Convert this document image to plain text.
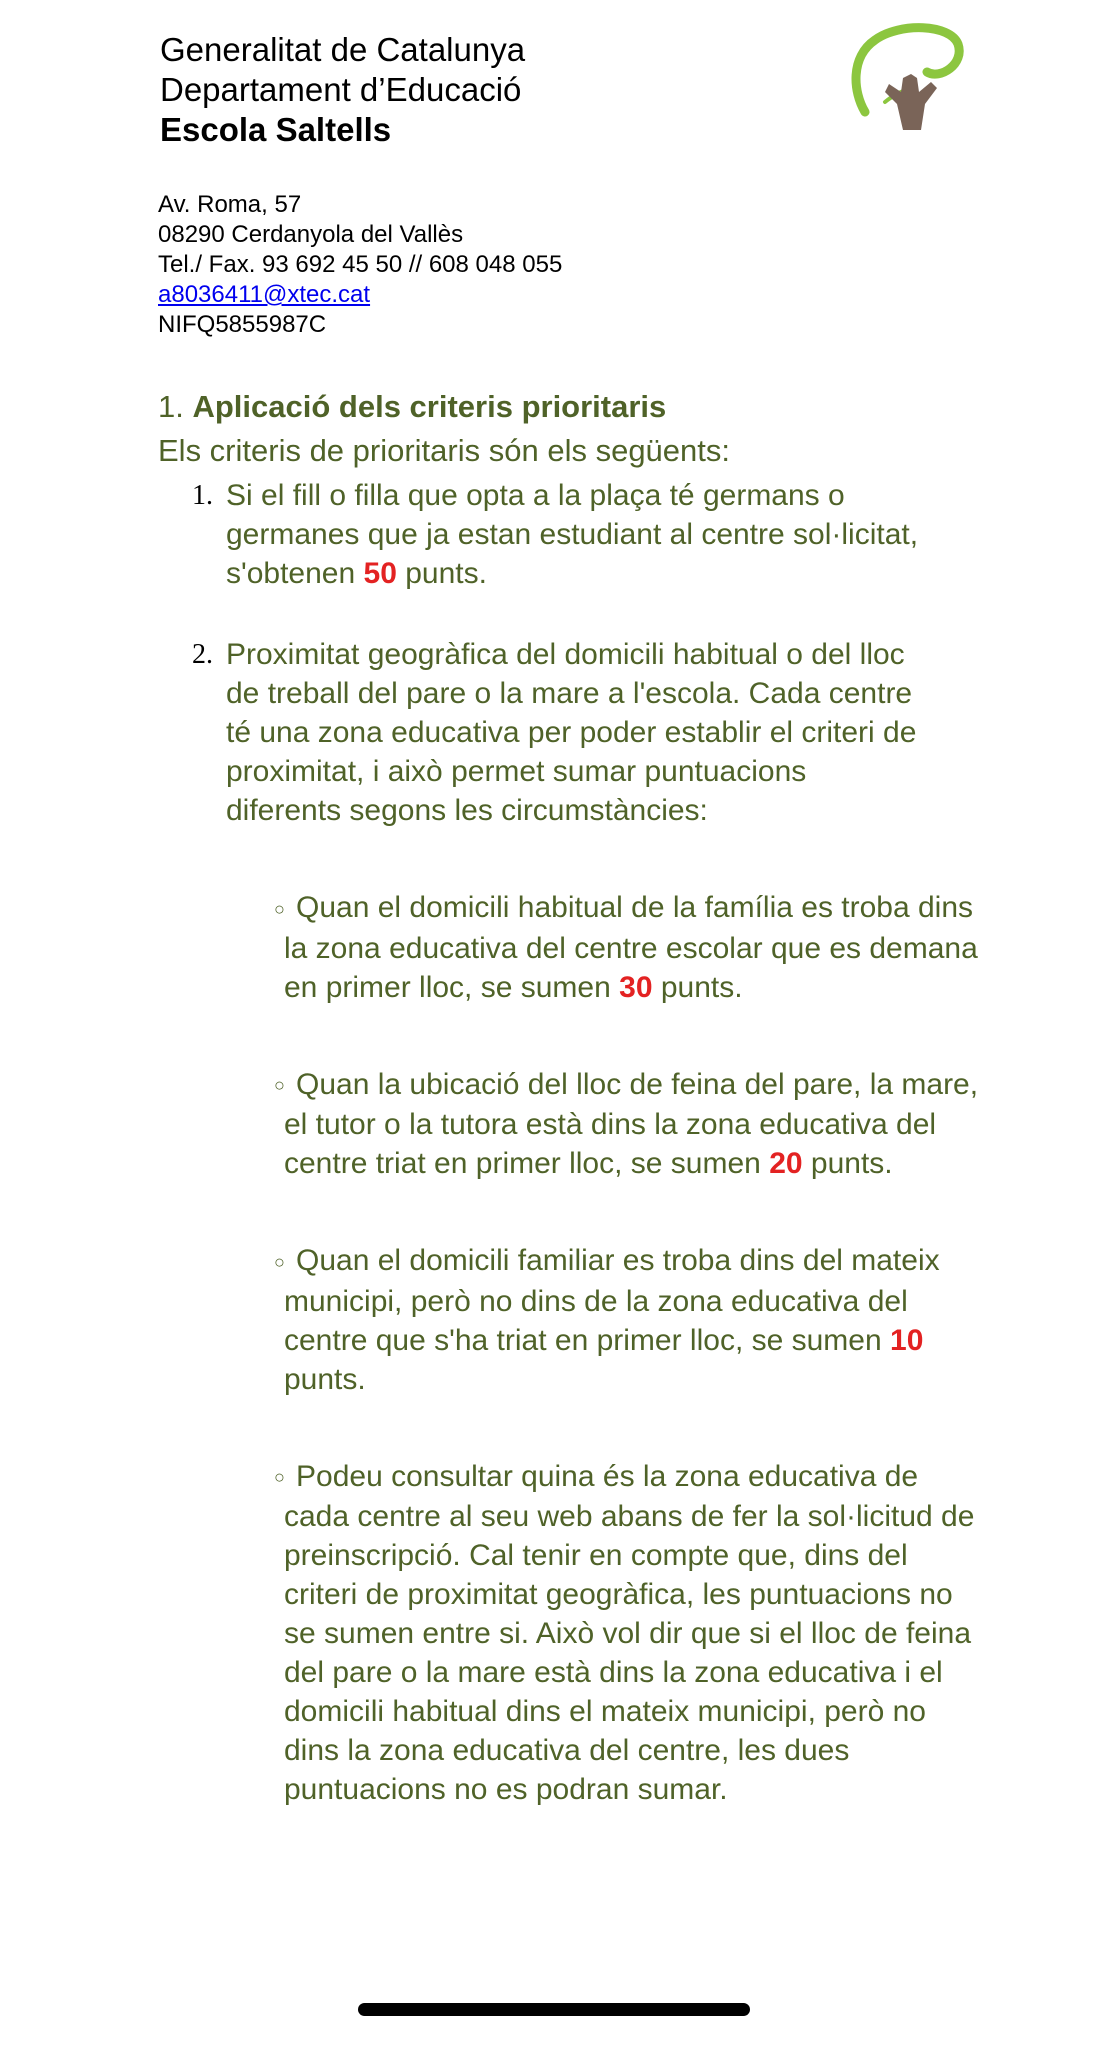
Generalitat de Catalunya
Departament d’Educació
Escola Saltells
Av. Roma, 57
08290 Cerdanyola del Vallès
Tel./ Fax. 93 692 45 50 // 608 048 055
a8036411@xtec.cat
NIFQ5855987C

1. Aplicació dels criteris prioritaris

Els criteris de prioritaris són els següents:

1. Si el fill o filla que opta a la plaça té germans o germanes que ja estan estudiant al centre sol·licitat, s'obtenen 50 punts.
2. Proximitat geogràfica del domicili habitual o del lloc de treball del pare o la mare a l'escola. Cada centre té una zona educativa per poder establir el criteri de proximitat, i això permet sumar puntuacions diferents segons les circumstàncies:
○ Quan el domicili habitual de la família es troba dins la zona educativa del centre escolar que es demana en primer lloc, se sumen 30 punts.
○ Quan la ubicació del lloc de feina del pare, la mare, el tutor o la tutora està dins la zona educativa del centre triat en primer lloc, se sumen 20 punts.
○ Quan el domicili familiar es troba dins del mateix municipi, però no dins de la zona educativa del centre que s'ha triat en primer lloc, se sumen 10 punts.
○ Podeu consultar quina és la zona educativa de cada centre al seu web abans de fer la sol·licitud de preinscripció. Cal tenir en compte que, dins del criteri de proximitat geogràfica, les puntuacions no se sumen entre si. Això vol dir que si el lloc de feina del pare o la mare està dins la zona educativa i el domicili habitual dins el mateix municipi, però no dins la zona educativa del centre, les dues puntuacions no es podran sumar.
